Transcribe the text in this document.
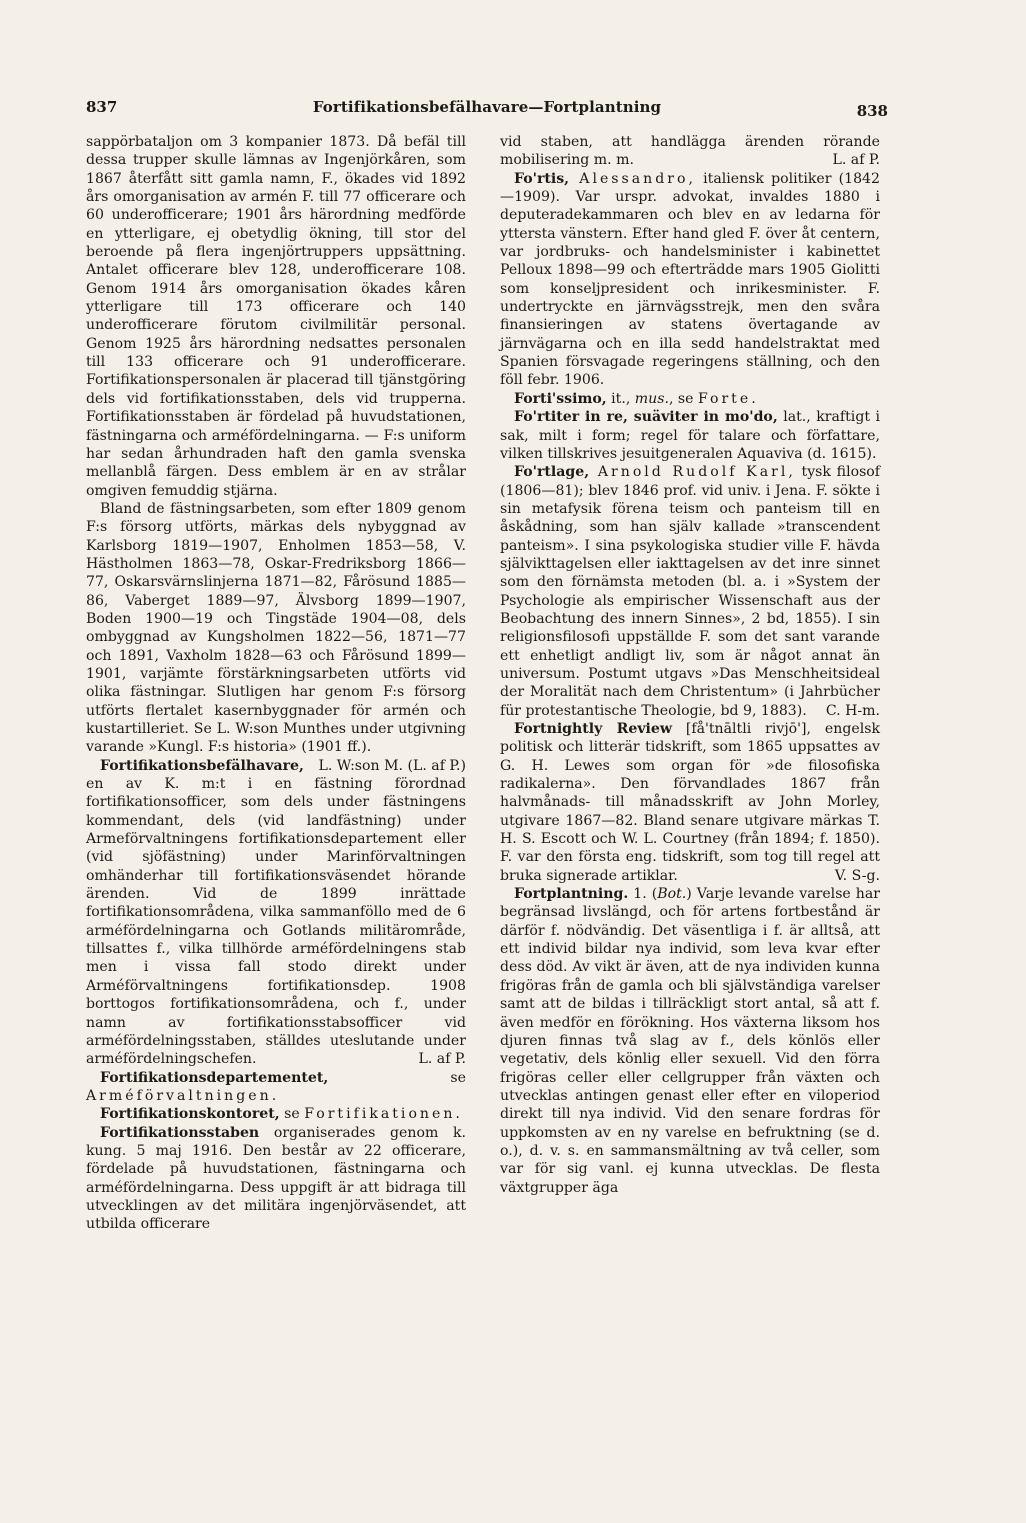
837	Fortifikationsbefälhavare—Fortplantning	838

sappörbataljon om 3 kompanier 1873. Då befäl till dessa trupper skulle lämnas av Ingenjörkåren, som 1867 återfått sitt gamla namn, F., ökades vid 1892 års omorganisation av armén F. till 77 officerare och 60 underofficerare; 1901 års härordning medförde en ytterligare, ej obetydlig ökning, till stor del beroende på flera ingenjörtruppers uppsättning. Antalet officerare blev 128, underofficerare 108. Genom 1914 års omorganisation ökades kåren ytterligare till 173 officerare och 140 underofficerare förutom civilmilitär personal. Genom 1925 års härordning nedsattes personalen till 133 officerare och 91 underofficerare. Fortifikationspersonalen är placerad till tjänstgöring dels vid fortifikationsstaben, dels vid trupperna. Fortifikationsstaben är fördelad på huvudstationen, fästningarna och arméfördelningarna. — F:s uniform har sedan århundraden haft den gamla svenska mellanblå färgen. Dess emblem är en av strålar omgiven femuddig stjärna.

Bland de fästningsarbeten, som efter 1809 genom F:s försorg utförts, märkas dels nybyggnad av Karlsborg 1819—1907, Enholmen 1853—58, V. Hästholmen 1863—78, Oskar-Fredriksborg 1866—77, Oskarsvärnslinjerna 1871—82, Fårösund 1885—86, Vaberget 1889—97, Älvsborg 1899—1907, Boden 1900—19 och Tingstäde 1904—08, dels ombyggnad av Kungsholmen 1822—56, 1871—77 och 1891, Vaxholm 1828—63 och Fårösund 1899—1901, varjämte förstärkningsarbeten utförts vid olika fästningar. Slutligen har genom F:s försorg utförts flertalet kasernbyggnader för armén och kustartilleriet. Se L. W:son Munthes under utgivning varande »Kungl. F:s historia» (1901 ff.).
L. W:son M. (L. af P.)

Fortifikationsbefälhavare, en av K. m:t i en fästning förordnad fortifikationsofficer, som dels under fästningens kommendant, dels (vid landfästning) under Armeförvaltningens fortifikationsdepartement eller (vid sjöfästning) under Marinförvaltningen omhänderhar till fortifikationsväsendet hörande ärenden. Vid de 1899 inrättade fortifikationsområdena, vilka sammanföllo med de 6 arméfördelningarna och Gotlands militärområde, tillsattes f., vilka tillhörde arméfördelningens stab men i vissa fall stodo direkt under Arméförvaltningens fortifikationsdep. 1908 borttogos fortifikationsområdena, och f., under namn av fortifikationsstabsofficer vid arméfördelningsstaben, ställdes uteslutande under arméfördelningschefen.	L. af P.

Fortifikationsdepartementet, se Arméförvaltningen.

Fortifikationskontoret, se Fortifikationen.

Fortifikationsstaben organiserades genom k. kung. 5 maj 1916. Den består av 22 officerare, fördelade på huvudstationen, fästningarna och arméfördelningarna. Dess uppgift är att bidraga till utvecklingen av det militära ingenjörväsendet, att utbilda officerare

vid staben, att handlägga ärenden rörande mobilisering m. m.	L. af P.

Fo'rtis, Alessandro, italiensk politiker (1842—1909). Var urspr. advokat, invaldes 1880 i deputeradekammaren och blev en av ledarna för yttersta vänstern. Efter hand gled F. över åt centern, var jordbruks- och handelsminister i kabinettet Pelloux 1898—99 och efterträdde mars 1905 Giolitti som konseljpresident och inrikesminister. F. undertryckte en järnvägsstrejk, men den svåra finansieringen av statens övertagande av järnvägarna och en illa sedd handelstraktat med Spanien försvagade regeringens ställning, och den föll febr. 1906.

Forti'ssimo, it., mus., se Forte.

Fo'rtiter in re, suäviter in mo'do, lat., kraftigt i sak, milt i form; regel för talare och författare, vilken tillskrives jesuitgeneralen Aquaviva (d. 1615).

Fo'rtlage, Arnold Rudolf Karl, tysk filosof (1806—81); blev 1846 prof. vid univ. i Jena. F. sökte i sin metafysik förena teism och panteism till en åskådning, som han själv kallade »transcendent panteism». I sina psykologiska studier ville F. hävda självikttagelsen eller iakttagelsen av det inre sinnet som den förnämsta metoden (bl. a. i »System der Psychologie als empirischer Wissenschaft aus der Beobachtung des innern Sinnes», 2 bd, 1855). I sin religionsfilosofi uppställde F. som det sant varande ett enhetligt andligt liv, som är något annat än universum. Postumt utgavs »Das Menschheitsideal der Moralität nach dem Christentum» (i Jahrbücher für protestantische Theologie, bd 9, 1883). C. H-m.

Fortnightly Review [få'tnāltli rivjō'], engelsk politisk och litterär tidskrift, som 1865 uppsattes av G. H. Lewes som organ för »de filosofiska radikalerna». Den förvandlades 1867 från halvmånads- till månadsskrift av John Morley, utgivare 1867—82. Bland senare utgivare märkas T. H. S. Escott och W. L. Courtney (från 1894; f. 1850). F. var den första eng. tidskrift, som tog till regel att bruka signerade artiklar.	V. S-g.

Fortplantning. 1. (Bot.) Varje levande varelse har begränsad livslängd, och för artens fortbestånd är därför f. nödvändig. Det väsentliga i f. är alltså, att ett individ bildar nya individ, som leva kvar efter dess död. Av vikt är även, att de nya individen kunna frigöras från de gamla och bli självständiga varelser samt att de bildas i tillräckligt stort antal, så att f. även medför en förökning. Hos växterna liksom hos djuren finnas två slag av f., dels könlös eller vegetativ, dels könlig eller sexuell. Vid den förra frigöras celler eller cellgrupper från växten och utvecklas antingen genast eller efter en viloperiod direkt till nya individ. Vid den senare fordras för uppkomsten av en ny varelse en befruktning (se d. o.), d. v. s. en sammansmältning av två celler, som var för sig vanl. ej kunna utvecklas. De flesta växtgrupper äga
